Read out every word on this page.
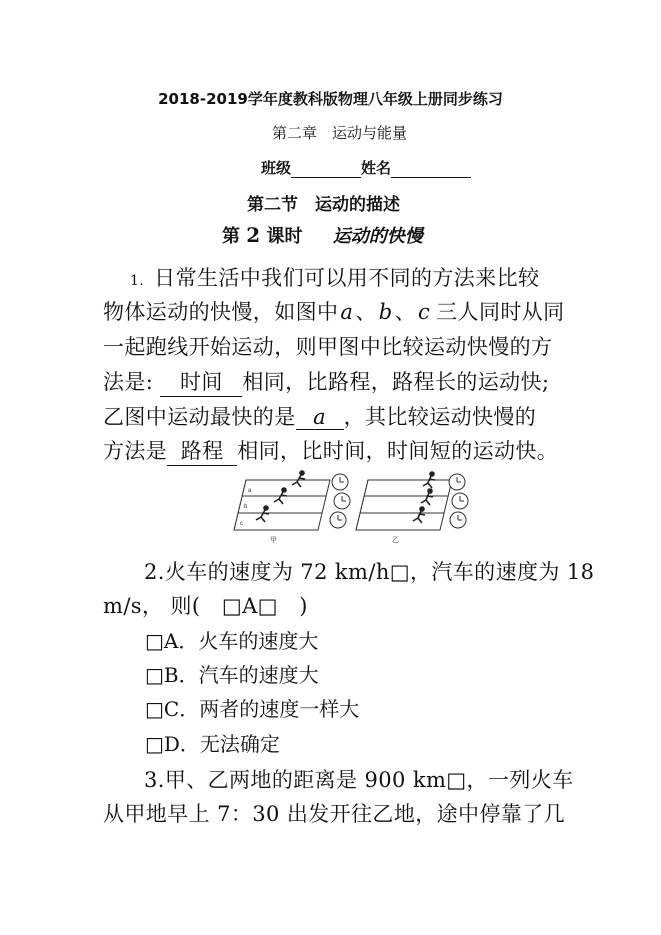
2018-2019学年度教科版物理八年级上册同步练习
第二章　运动与能量
班级	姓名
第二节　运动的描述
第 2 课时 运动的快慢
1. 日常生活中我们可以用不同的方法来比较
物体运动的快慢，如图中a、b、c 三人同时从同
一起跑线开始运动，则甲图中比较运动快慢的方
法是: 时间 相同，比路程，路程长的运动快;
乙图中运动最快的是 a ，其比较运动快慢的
方法是 路程 相同，比时间，时间短的运动快。
a
b
c
甲	乙
2.火车的速度为 72 km/h□，汽车的速度为 18
m/s， 则(　□A□　)
□A．火车的速度大
□B．汽车的速度大
□C．两者的速度一样大
□D．无法确定
3.甲、乙两地的距离是 900 km□，一列火车
从甲地早上 7：30 出发开往乙地，途中停靠了几
